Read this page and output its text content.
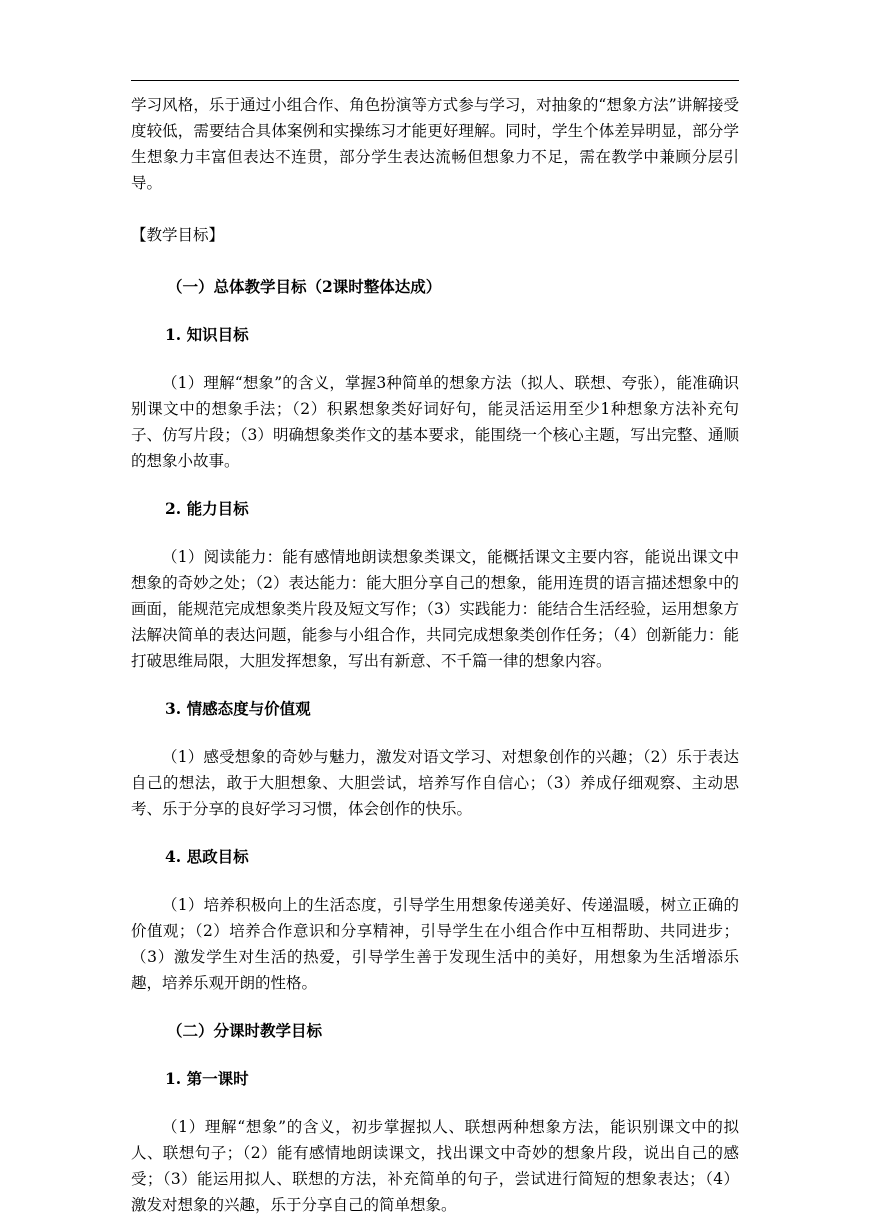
学习风格，乐于通过小组合作、角色扮演等方式参与学习，对抽象的“想象方法”讲解接受度较低，需要结合具体案例和实操练习才能更好理解。同时，学生个体差异明显，部分学生想象力丰富但表达不连贯，部分学生表达流畅但想象力不足，需在教学中兼顾分层引导。

【教学目标】

（一）总体教学目标（2课时整体达成）

1. 知识目标

（1）理解“想象”的含义，掌握3种简单的想象方法（拟人、联想、夸张），能准确识别课文中的想象手法；（2）积累想象类好词好句，能灵活运用至少1种想象方法补充句子、仿写片段；（3）明确想象类作文的基本要求，能围绕一个核心主题，写出完整、通顺的想象小故事。

2. 能力目标

（1）阅读能力：能有感情地朗读想象类课文，能概括课文主要内容，能说出课文中想象的奇妙之处；（2）表达能力：能大胆分享自己的想象，能用连贯的语言描述想象中的画面，能规范完成想象类片段及短文写作；（3）实践能力：能结合生活经验，运用想象方法解决简单的表达问题，能参与小组合作，共同完成想象类创作任务；（4）创新能力：能打破思维局限，大胆发挥想象，写出有新意、不千篇一律的想象内容。

3. 情感态度与价值观

（1）感受想象的奇妙与魅力，激发对语文学习、对想象创作的兴趣；（2）乐于表达自己的想法，敢于大胆想象、大胆尝试，培养写作自信心；（3）养成仔细观察、主动思考、乐于分享的良好学习习惯，体会创作的快乐。

4. 思政目标

（1）培养积极向上的生活态度，引导学生用想象传递美好、传递温暖，树立正确的价值观；（2）培养合作意识和分享精神，引导学生在小组合作中互相帮助、共同进步；（3）激发学生对生活的热爱，引导学生善于发现生活中的美好，用想象为生活增添乐趣，培养乐观开朗的性格。

（二）分课时教学目标

1. 第一课时

（1）理解“想象”的含义，初步掌握拟人、联想两种想象方法，能识别课文中的拟人、联想句子；（2）能有感情地朗读课文，找出课文中奇妙的想象片段，说出自己的感受；（3）能运用拟人、联想的方法，补充简单的句子，尝试进行简短的想象表达；（4）激发对想象的兴趣，乐于分享自己的简单想象。
